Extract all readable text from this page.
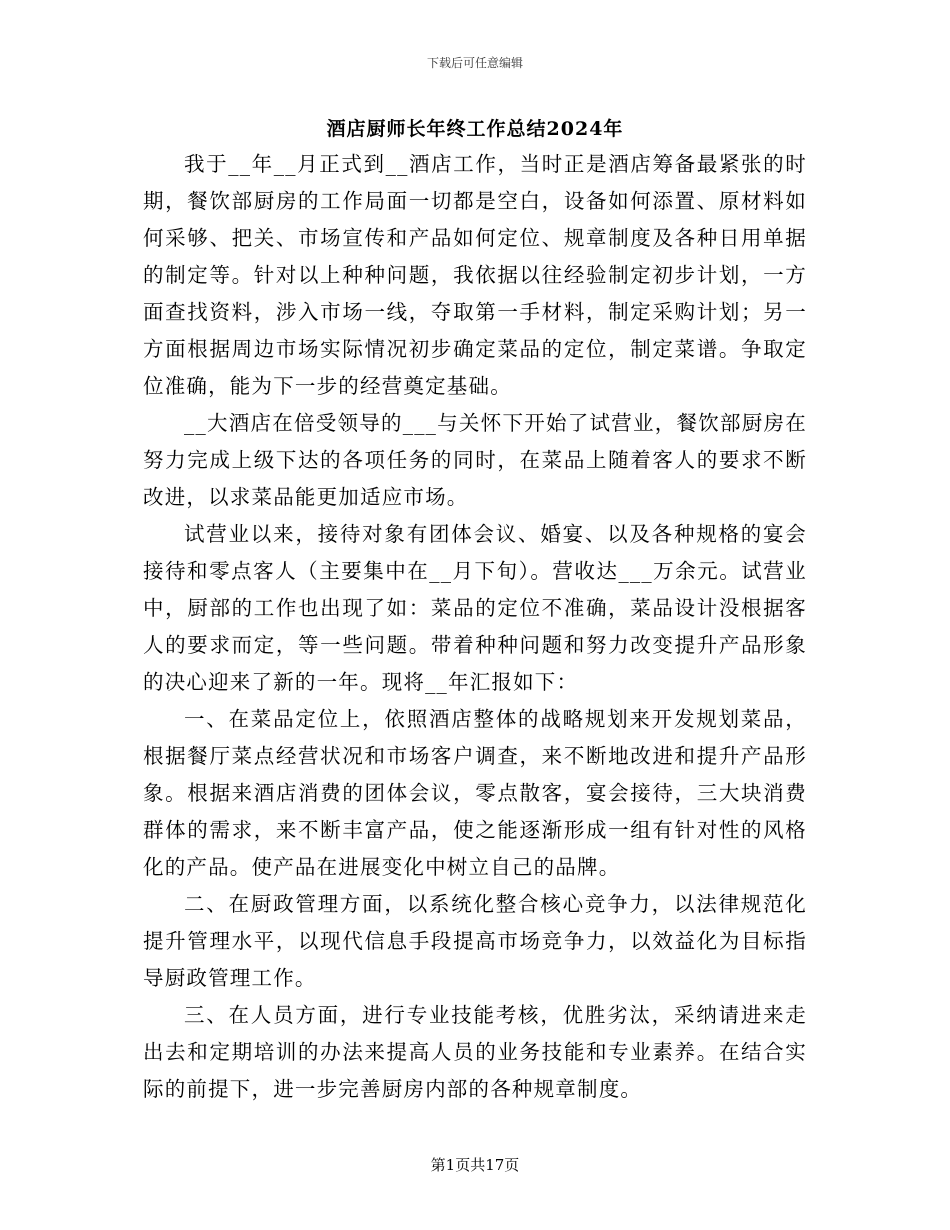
下载后可任意编辑
酒店厨师长年终工作总结2024年

我于__年__月正式到__酒店工作，当时正是酒店筹备最紧张的时期，餐饮部厨房的工作局面一切都是空白，设备如何添置、原材料如何采够、把关、市场宣传和产品如何定位、规章制度及各种日用单据的制定等。针对以上种种问题，我依据以往经验制定初步计划，一方面查找资料，涉入市场一线，夺取第一手材料，制定采购计划；另一方面根据周边市场实际情况初步确定菜品的定位，制定菜谱。争取定位准确，能为下一步的经营奠定基础。

__大酒店在倍受领导的___与关怀下开始了试营业，餐饮部厨房在努力完成上级下达的各项任务的同时，在菜品上随着客人的要求不断改进，以求菜品能更加适应市场。

试营业以来，接待对象有团体会议、婚宴、以及各种规格的宴会接待和零点客人（主要集中在__月下旬）。营收达___万余元。试营业中，厨部的工作也出现了如：菜品的定位不准确，菜品设计没根据客人的要求而定，等一些问题。带着种种问题和努力改变提升产品形象的决心迎来了新的一年。现将__年汇报如下：

一、在菜品定位上，依照酒店整体的战略规划来开发规划菜品，根据餐厅菜点经营状况和市场客户调查，来不断地改进和提升产品形象。根据来酒店消费的团体会议，零点散客，宴会接待，三大块消费群体的需求，来不断丰富产品，使之能逐渐形成一组有针对性的风格化的产品。使产品在进展变化中树立自己的品牌。

二、在厨政管理方面，以系统化整合核心竞争力，以法律规范化提升管理水平，以现代信息手段提高市场竞争力，以效益化为目标指导厨政管理工作。

三、在人员方面，进行专业技能考核，优胜劣汰，采纳请进来走出去和定期培训的办法来提高人员的业务技能和专业素养。在结合实际的前提下，进一步完善厨房内部的各种规章制度。

第1页共17页
